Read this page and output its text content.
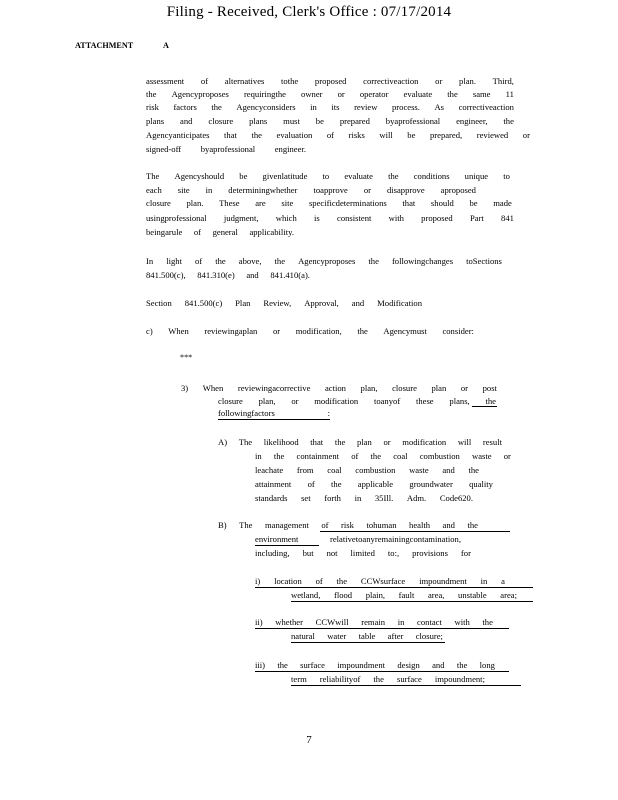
Filing - Received, Clerk's Office : 07/17/2014
ATTACHMENT	A
assessment of alternatives tothe proposed correctiveaction or plan. Third,
the Agencyproposes requiringthe owner or operator evaluate the same 11
risk factors the Agencyconsiders in its review process. As correctiveaction
plans and closure plans must be prepared byaprofessional engineer, the
Agencyanticipates that the evaluation of risks will be prepared, reviewed or
signed-off byaprofessional engineer.
The Agencyshould be givenlatitude to evaluate the conditions unique to
each site in determiningwhether toapprove or disapprove aproposed
closure plan. These are site specificdeterminations that should be made
usingprofessional judgment, which is consistent with proposed Part 841
beingarule of general applicability.
In light of the above, the Agencyproposes the followingchanges toSections
841.500(c), 841.310(e) and 841.410(a).
Section 841.500(c) Plan Review, Approval, and Modification
c) When reviewingaplan or modification, the Agencymust consider:
***
3) When reviewingacorrective action plan, closure plan or post
closure plan, or modification toanyof these plans, the
followingfactors	:
A) The likelihood that the plan or modification will result
in the containment of the coal combustion waste or
leachate from coal combustion waste and the
attainment of the applicable groundwater quality
standards set forth in 35Ill. Adm. Code620.
B) The management of risk tohuman health and the
environment	relativetoanyremainingcontamination,
including, but not limited to:, provisions for
i) location of the CCWsurface impoundment in a
wetland, flood plain, fault area, unstable area;
ii) whether CCWwill remain in contact with the
natural water table after closure;
iii) the surface impoundment design and the long
term reliabilityof the surface impoundment;
7
